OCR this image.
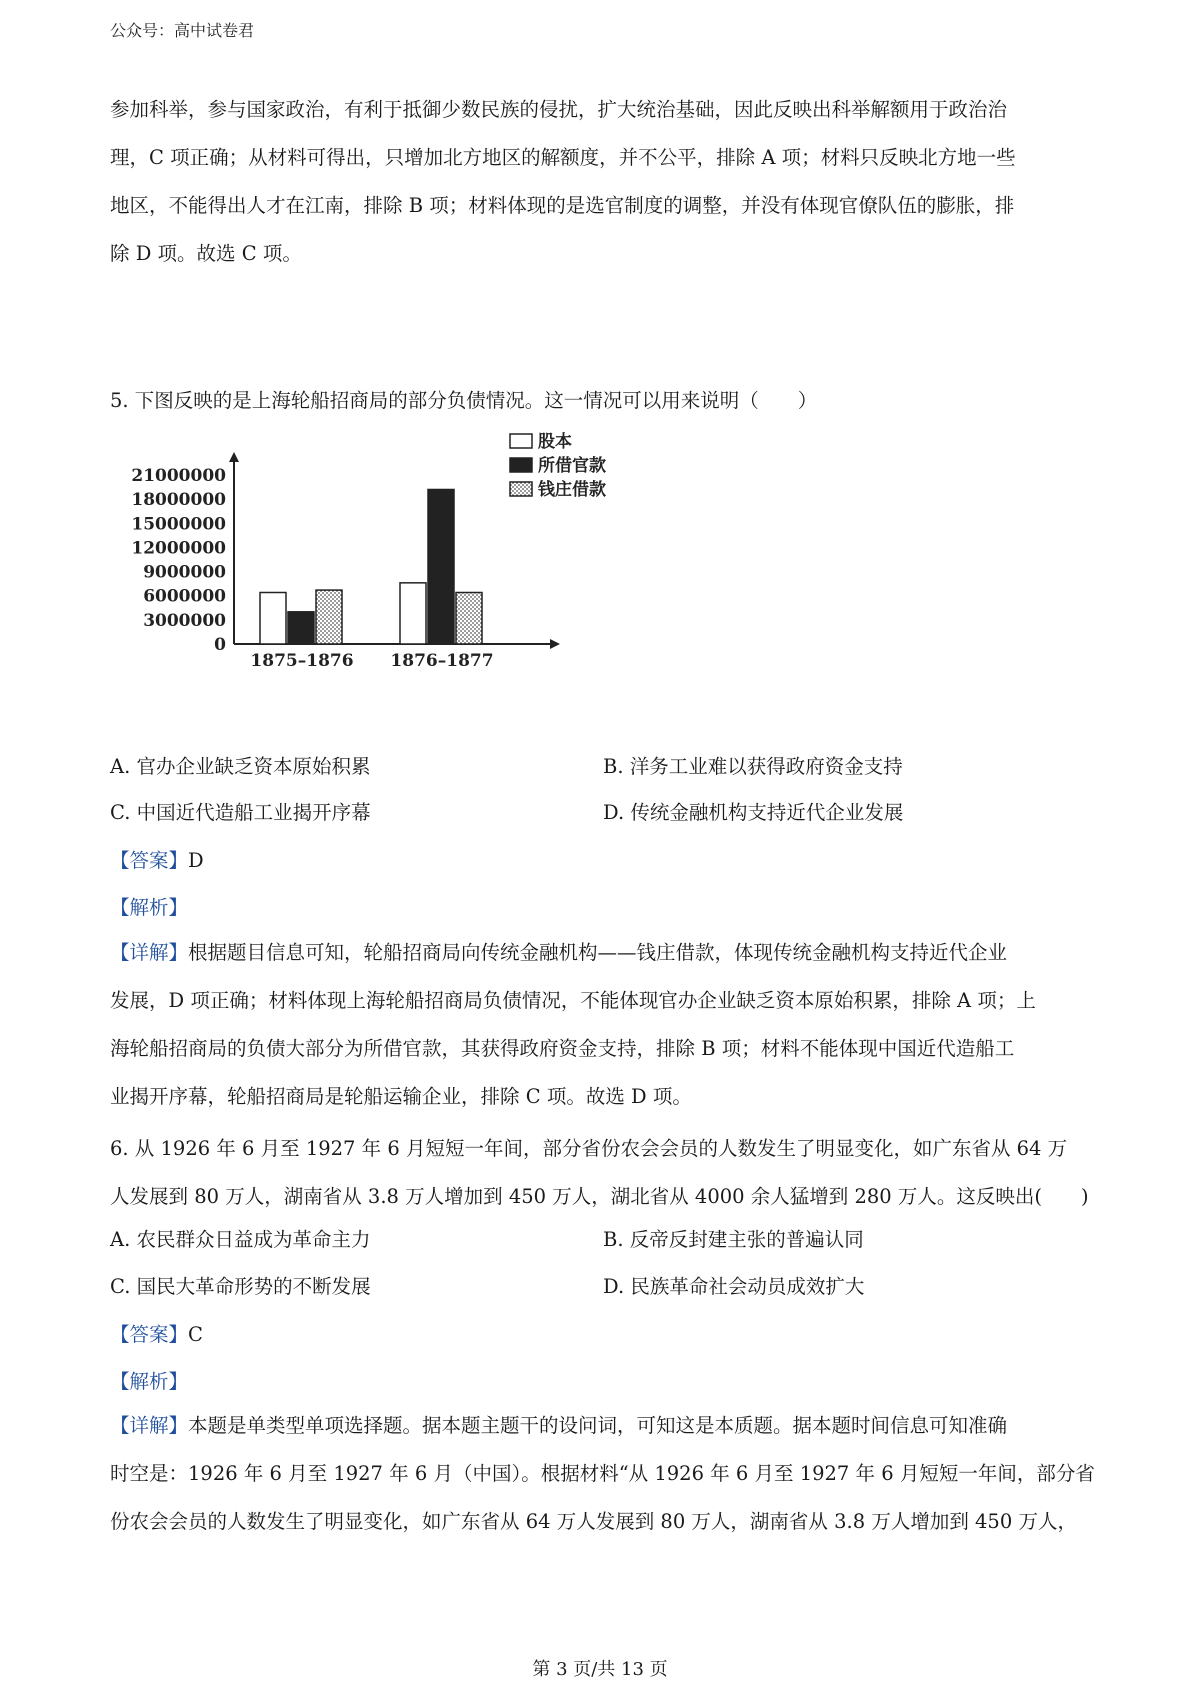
公众号：高中试卷君
参加科举，参与国家政治，有利于抵御少数民族的侵扰，扩大统治基础，因此反映出科举解额用于政治治
理，C 项正确；从材料可得出，只增加北方地区的解额度，并不公平，排除 A 项；材料只反映北方地一些
地区，不能得出人才在江南，排除 B 项；材料体现的是选官制度的调整，并没有体现官僚队伍的膨胀，排
除 D 项。故选 C 项。
5. 下图反映的是上海轮船招商局的部分负债情况。这一情况可以用来说明（　　）
0
3000000
6000000
9000000
12000000
15000000
18000000
21000000
1875–1876 1876–1877
股本
所借官款
钱庄借款
A. 官办企业缺乏资本原始积累	B. 洋务工业难以获得政府资金支持
C. 中国近代造船工业揭开序幕	D. 传统金融机构支持近代企业发展
【答案】D
【解析】
【详解】根据题目信息可知，轮船招商局向传统金融机构——钱庄借款，体现传统金融机构支持近代企业
发展，D 项正确；材料体现上海轮船招商局负债情况，不能体现官办企业缺乏资本原始积累，排除 A 项；上
海轮船招商局的负债大部分为所借官款，其获得政府资金支持，排除 B 项；材料不能体现中国近代造船工
业揭开序幕，轮船招商局是轮船运输企业，排除 C 项。故选 D 项。
6. 从 1926 年 6 月至 1927 年 6 月短短一年间，部分省份农会会员的人数发生了明显变化，如广东省从 64 万
人发展到 80 万人，湖南省从 3.8 万人增加到 450 万人，湖北省从 4000 余人猛增到 280 万人。这反映出(　　)
A. 农民群众日益成为革命主力	B. 反帝反封建主张的普遍认同
C. 国民大革命形势的不断发展	D. 民族革命社会动员成效扩大
【答案】C
【解析】
【详解】本题是单类型单项选择题。据本题主题干的设问词，可知这是本质题。据本题时间信息可知准确
时空是：1926 年 6 月至 1927 年 6 月（中国）。根据材料“从 1926 年 6 月至 1927 年 6 月短短一年间，部分省
份农会会员的人数发生了明显变化，如广东省从 64 万人发展到 80 万人，湖南省从 3.8 万人增加到 450 万人，
第 3 页/共 13 页
